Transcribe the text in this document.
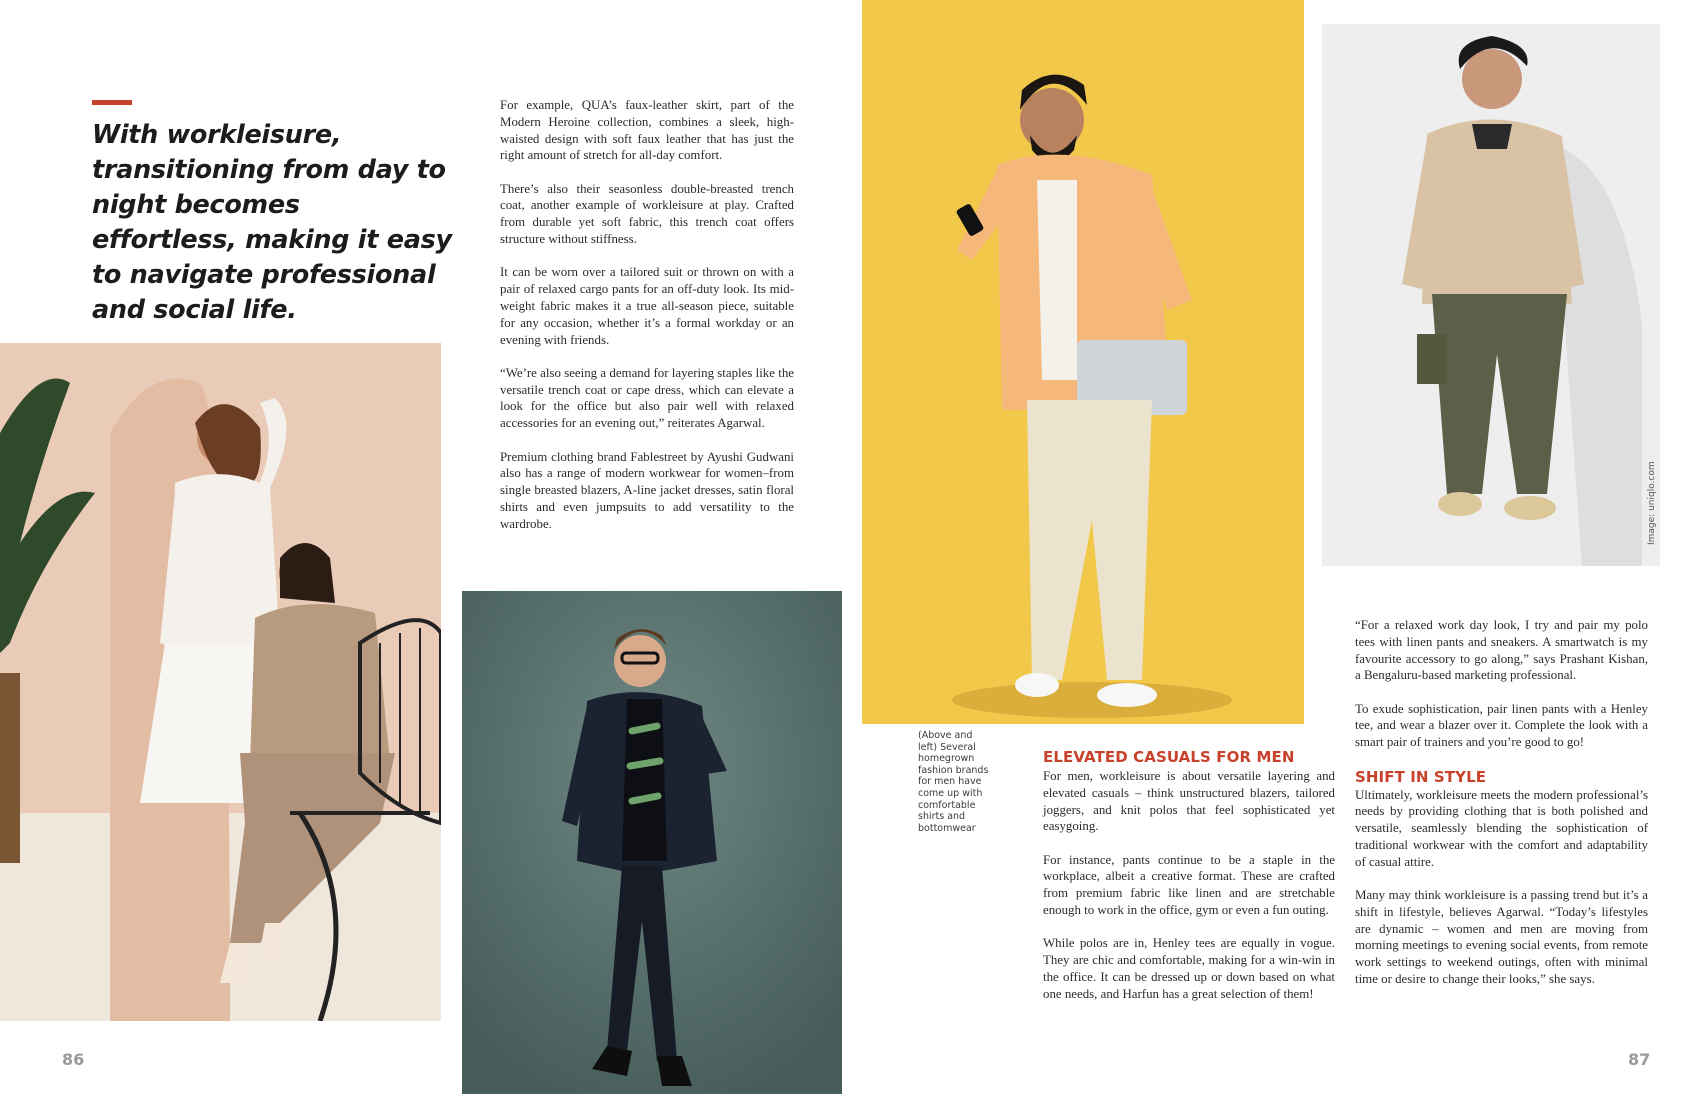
With workleisure, transitioning from day to night becomes effortless, making it easy to navigate professional and social life.

For example, QUA’s faux-leather skirt, part of the Modern Heroine collection, combines a sleek, high-waisted design with soft faux leather that has just the right amount of stretch for all-day comfort.

There’s also their seasonless double-breasted trench coat, another example of workleisure at play. Crafted from durable yet soft fabric, this trench coat offers structure without stiffness.

It can be worn over a tailored suit or thrown on with a pair of relaxed cargo pants for an off-duty look. Its mid-weight fabric makes it a true all-season piece, suitable for any occasion, whether it’s a formal workday or an evening with friends.

“We’re also seeing a demand for layering staples like the versatile trench coat or cape dress, which can elevate a look for the office but also pair well with relaxed accessories for an evening out,” reiterates Agarwal.

Premium clothing brand Fablestreet by Ayushi Gudwani also has a range of modern workwear for women–from single breasted blazers, A-line jacket dresses, satin floral shirts and even jumpsuits to add versatility to the wardrobe.

86
Image: uniqlo.com
(Above and left) Several homegrown fashion brands for men have come up with comfortable shirts and bottomwear
ELEVATED CASUALS FOR MEN

For men, workleisure is about versatile layering and elevated casuals – think unstructured blazers, tailored joggers, and knit polos that feel sophisticated yet easygoing.

For instance, pants continue to be a staple in the workplace, albeit a creative format. These are crafted from premium fabric like linen and are stretchable enough to work in the office, gym or even a fun outing.

While polos are in, Henley tees are equally in vogue. They are chic and comfortable, making for a win-win in the office. It can be dressed up or down based on what one needs, and Harfun has a great selection of them!

“For a relaxed work day look, I try and pair my polo tees with linen pants and sneakers. A smartwatch is my favourite accessory to go along,” says Prashant Kishan, a Bengaluru-based marketing professional.

To exude sophistication, pair linen pants with a Henley tee, and wear a blazer over it. Complete the look with a smart pair of trainers and you’re good to go!

SHIFT IN STYLE

Ultimately, workleisure meets the modern professional’s needs by providing clothing that is both polished and versatile, seamlessly blending the sophistication of traditional workwear with the comfort and adaptability of casual attire.

Many may think workleisure is a passing trend but it’s a shift in lifestyle, believes Agarwal. “Today’s lifestyles are dynamic – women and men are moving from morning meetings to evening social events, from remote work settings to weekend outings, often with minimal time or desire to change their looks,” she says.

87
